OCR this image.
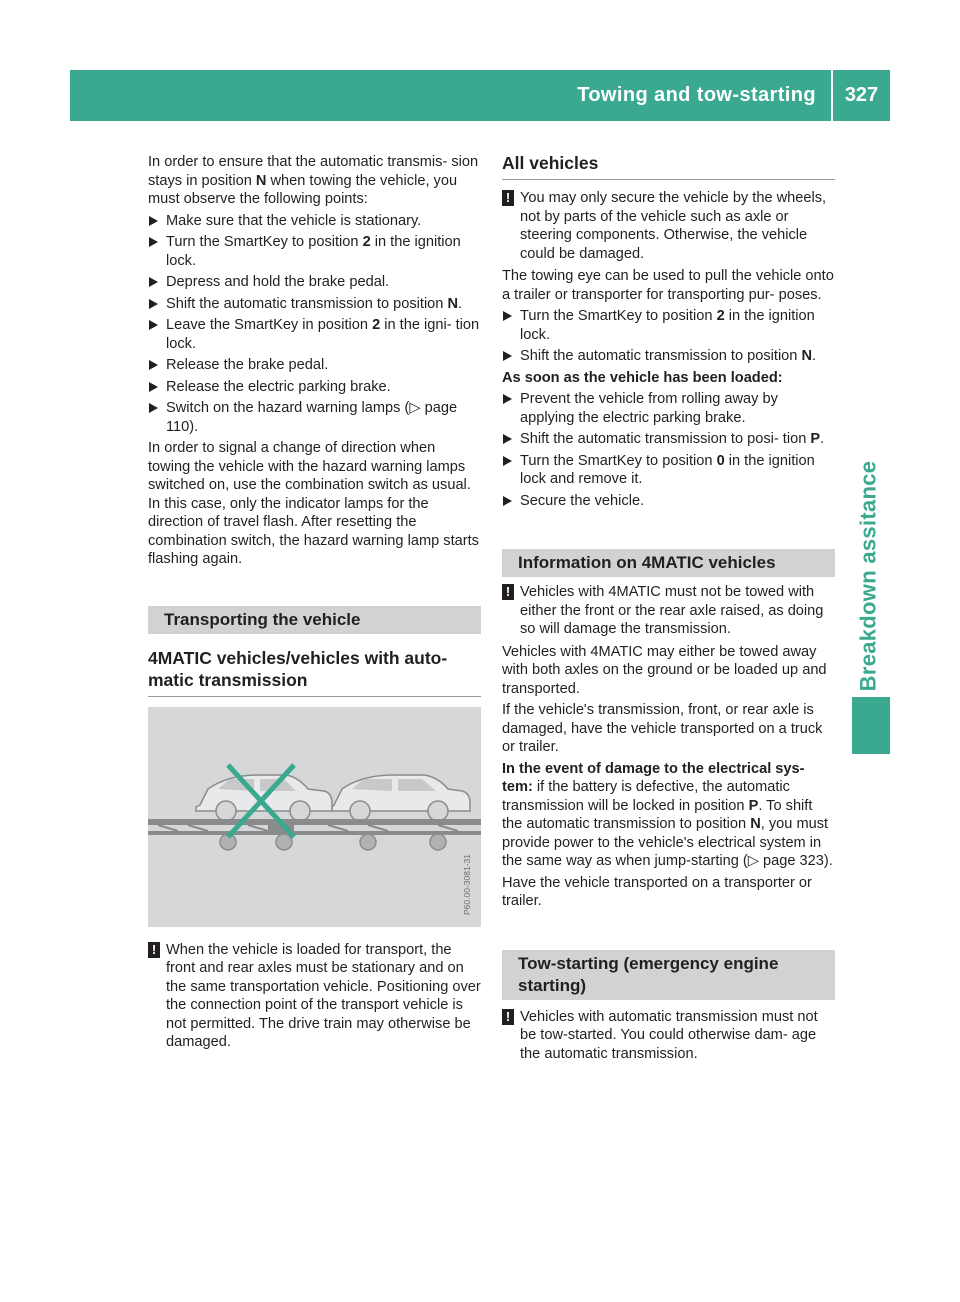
Towing and tow-starting	327
Breakdown assitance

In order to ensure that the automatic transmis- sion stays in position N when towing the vehicle, you must observe the following points:

Make sure that the vehicle is stationary.
Turn the SmartKey to position 2 in the ignition lock.
Depress and hold the brake pedal.
Shift the automatic transmission to position N.
Leave the SmartKey in position 2 in the igni- tion lock.
Release the brake pedal.
Release the electric parking brake.
Switch on the hazard warning lamps (▷ page 110).

In order to signal a change of direction when towing the vehicle with the hazard warning lamps switched on, use the combination switch as usual. In this case, only the indicator lamps for the direction of travel flash. After resetting the combination switch, the hazard warning lamp starts flashing again.

Transporting the vehicle
4MATIC vehicles/vehicles with auto- matic transmission
P60.00-3081-31
! When the vehicle is loaded for transport, the front and rear axles must be stationary and on the same transportation vehicle. Positioning over the connection point of the transport vehicle is not permitted. The drive train may otherwise be damaged.
All vehicles
! You may only secure the vehicle by the wheels, not by parts of the vehicle such as axle or steering components. Otherwise, the vehicle could be damaged.

The towing eye can be used to pull the vehicle onto a trailer or transporter for transporting pur- poses.

Turn the SmartKey to position 2 in the ignition lock.
Shift the automatic transmission to position N.

As soon as the vehicle has been loaded:

Prevent the vehicle from rolling away by applying the electric parking brake.
Shift the automatic transmission to posi- tion P.
Turn the SmartKey to position 0 in the ignition lock and remove it.
Secure the vehicle.
Information on 4MATIC vehicles
! Vehicles with 4MATIC must not be towed with either the front or the rear axle raised, as doing so will damage the transmission.

Vehicles with 4MATIC may either be towed away with both axles on the ground or be loaded up and transported.

If the vehicle's transmission, front, or rear axle is damaged, have the vehicle transported on a truck or trailer.

In the event of damage to the electrical sys- tem: if the battery is defective, the automatic transmission will be locked in position P. To shift the automatic transmission to position N, you must provide power to the vehicle's electrical system in the same way as when jump-starting (▷ page 323).

Have the vehicle transported on a transporter or trailer.

Tow-starting (emergency engine starting)
! Vehicles with automatic transmission must not be tow-started. You could otherwise dam- age the automatic transmission.
